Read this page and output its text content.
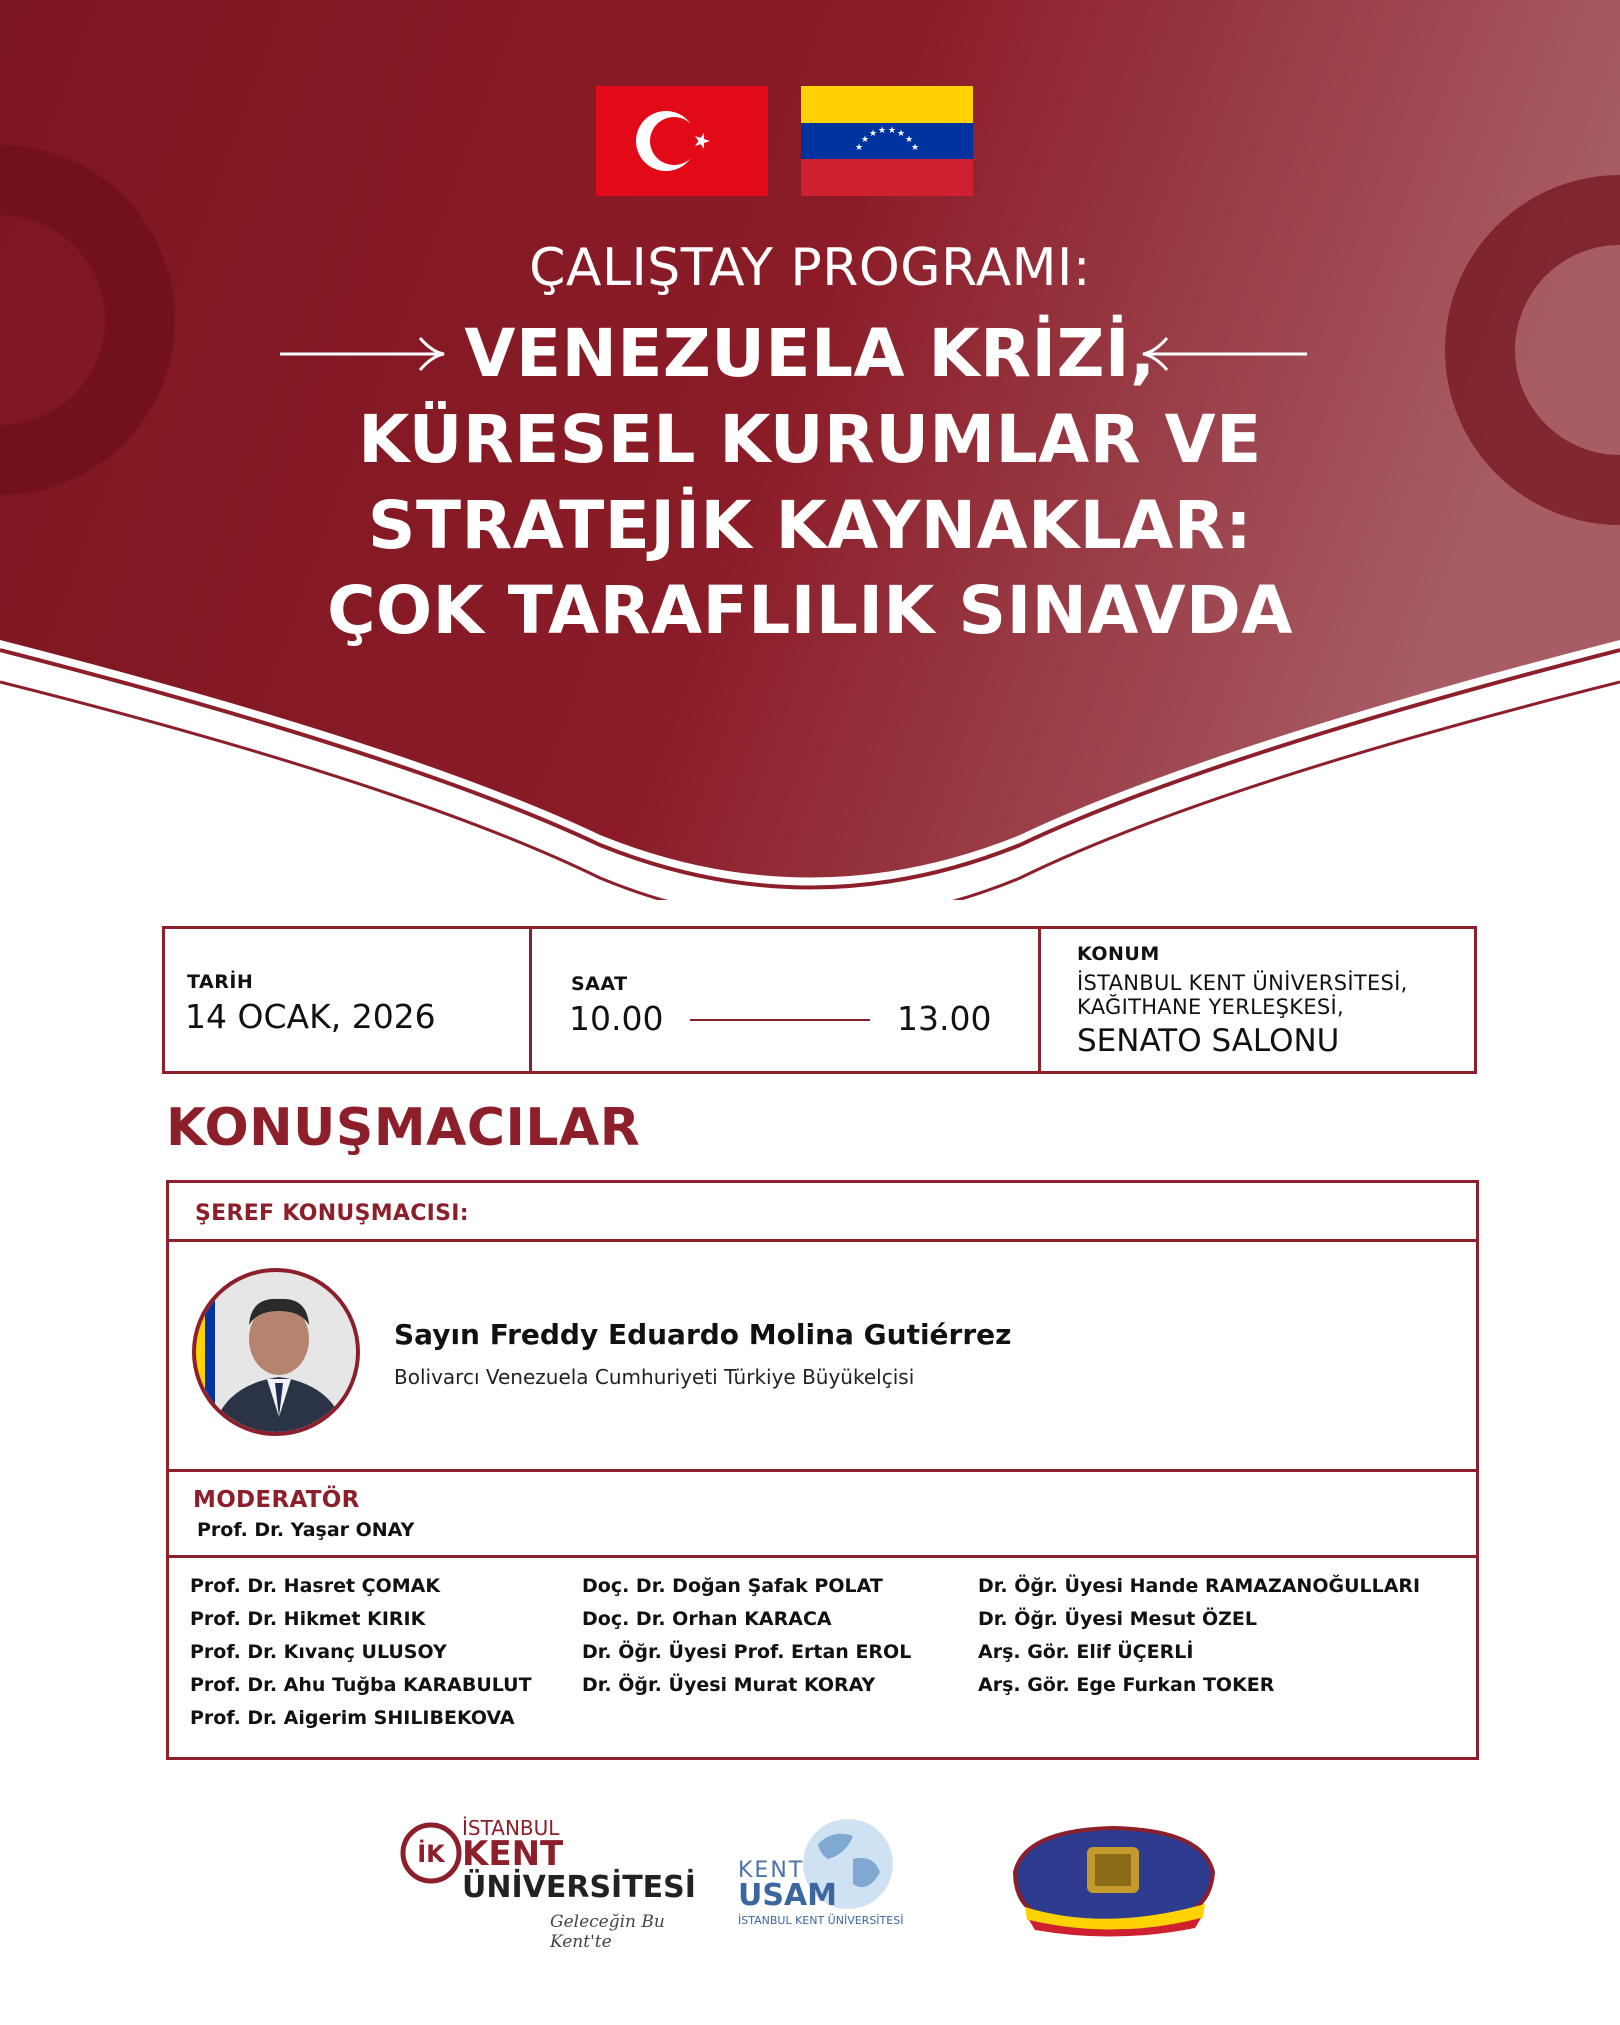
★
★
★ ★ ★ ★
★
★
ÇALIŞTAY PROGRAMI:
VENEZUELA KRİZİ,
KÜRESEL KURUMLAR VE
STRATEJİK KAYNAKLAR:
ÇOK TARAFLILIK SINAVDA
TARİH
14 OCAK, 2026
SAAT
10.00	13.00
KONUM
İSTANBUL KENT ÜNİVERSİTESİ,
KAĞITHANE YERLEŞKESİ,
SENATO SALONU
KONUŞMACILAR
ŞEREF KONUŞMACISI:
Sayın Freddy Eduardo Molina Gutiérrez
Bolivarcı Venezuela Cumhuriyeti Türkiye Büyükelçisi
MODERATÖR
Prof. Dr. Yaşar ONAY
Prof. Dr. Hasret ÇOMAK
Prof. Dr. Hikmet KIRIK
Prof. Dr. Kıvanç ULUSOY
Prof. Dr. Ahu Tuğba KARABULUT
Prof. Dr. Aigerim SHILIBEKOVA
Doç. Dr. Doğan Şafak POLAT
Doç. Dr. Orhan KARACA
Dr. Öğr. Üyesi Prof. Ertan EROL
Dr. Öğr. Üyesi Murat KORAY
Dr. Öğr. Üyesi Hande RAMAZANOĞULLARI
Dr. Öğr. Üyesi Mesut ÖZEL
Arş. Gör. Elif ÜÇERLİ
Arş. Gör. Ege Furkan TOKER
İK
İSTANBUL
KENT
ÜNİVERSİTESİ
Geleceğin Bu Kent'te
KENT
USAM
İSTANBUL KENT ÜNİVERSİTESİ
